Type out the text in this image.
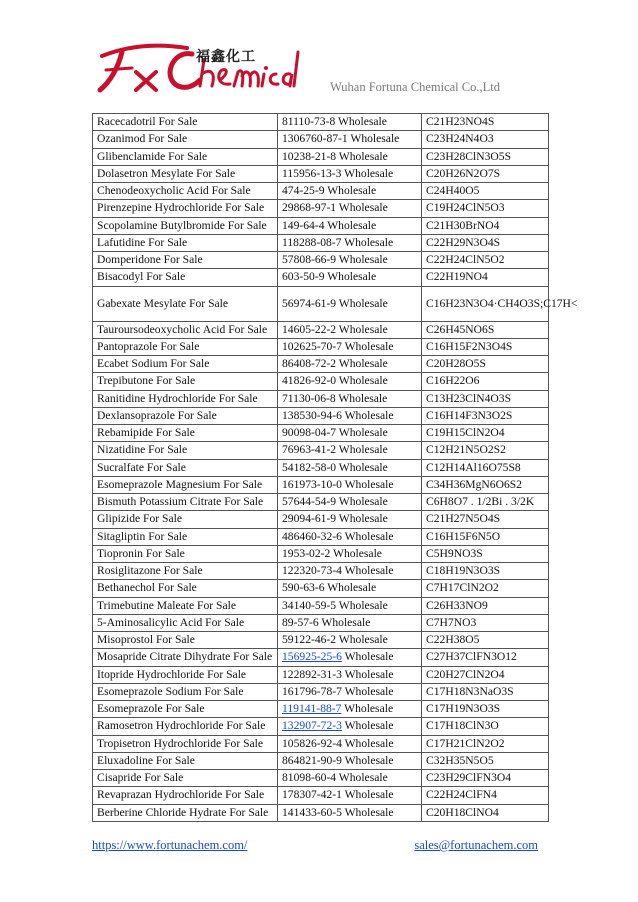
福鑫化工
Wuhan Fortuna Chemical Co.,Ltd
Racecadotril For Sale	81110-73-8 Wholesale	C21H23NO4S
Ozanimod For Sale	1306760-87-1 Wholesale	C23H24N4O3
Glibenclamide For Sale	10238-21-8 Wholesale	C23H28ClN3O5S
Dolasetron Mesylate For Sale	115956-13-3 Wholesale	C20H26N2O7S
Chenodeoxycholic Acid For Sale	474-25-9 Wholesale	C24H40O5
Pirenzepine Hydrochloride For Sale	29868-97-1 Wholesale	C19H24ClN5O3
Scopolamine Butylbromide For Sale	149-64-4 Wholesale	C21H30BrNO4
Lafutidine For Sale	118288-08-7 Wholesale	C22H29N3O4S
Domperidone For Sale	57808-66-9 Wholesale	C22H24ClN5O2
Bisacodyl For Sale	603-50-9 Wholesale	C22H19NO4
Gabexate Mesylate For Sale	56974-61-9 Wholesale	C16H23N3O4·CH4O3S;C17H<
Tauroursodeoxycholic Acid For Sale	14605-22-2 Wholesale	C26H45NO6S
Pantoprazole For Sale	102625-70-7 Wholesale	C16H15F2N3O4S
Ecabet Sodium For Sale	86408-72-2 Wholesale	C20H28O5S
Trepibutone For Sale	41826-92-0 Wholesale	C16H22O6
Ranitidine Hydrochloride For Sale	71130-06-8 Wholesale	C13H23ClN4O3S
Dexlansoprazole For Sale	138530-94-6 Wholesale	C16H14F3N3O2S
Rebamipide For Sale	90098-04-7 Wholesale	C19H15ClN2O4
Nizatidine For Sale	76963-41-2 Wholesale	C12H21N5O2S2
Sucralfate For Sale	54182-58-0 Wholesale	C12H14Al16O75S8
Esomeprazole Magnesium For Sale	161973-10-0 Wholesale	C34H36MgN6O6S2
Bismuth Potassium Citrate For Sale	57644-54-9 Wholesale	C6H8O7 . 1/2Bi . 3/2K
Glipizide For Sale	29094-61-9 Wholesale	C21H27N5O4S
Sitagliptin For Sale	486460-32-6 Wholesale	C16H15F6N5O
Tiopronin For Sale	1953-02-2 Wholesale	C5H9NO3S
Rosiglitazone For Sale	122320-73-4 Wholesale	C18H19N3O3S
Bethanechol For Sale	590-63-6 Wholesale	C7H17ClN2O2
Trimebutine Maleate For Sale	34140-59-5 Wholesale	C26H33NO9
5-Aminosalicylic Acid For Sale	89-57-6 Wholesale	C7H7NO3
Misoprostol For Sale	59122-46-2 Wholesale	C22H38O5
Mosapride Citrate Dihydrate For Sale	156925-25-6 Wholesale	C27H37ClFN3O12
Itopride Hydrochloride For Sale	122892-31-3 Wholesale	C20H27ClN2O4
Esomeprazole Sodium For Sale	161796-78-7 Wholesale	C17H18N3NaO3S
Esomeprazole For Sale	119141-88-7 Wholesale	C17H19N3O3S
Ramosetron Hydrochloride For Sale	132907-72-3 Wholesale	C17H18ClN3O
Tropisetron Hydrochloride For Sale	105826-92-4 Wholesale	C17H21ClN2O2
Eluxadoline For Sale	864821-90-9 Wholesale	C32H35N5O5
Cisapride For Sale	81098-60-4 Wholesale	C23H29ClFN3O4
Revaprazan Hydrochloride For Sale	178307-42-1 Wholesale	C22H24ClFN4
Berberine Chloride Hydrate For Sale	141433-60-5 Wholesale	C20H18ClNO4
https://www.fortunachem.com/	sales@fortunachem.com
